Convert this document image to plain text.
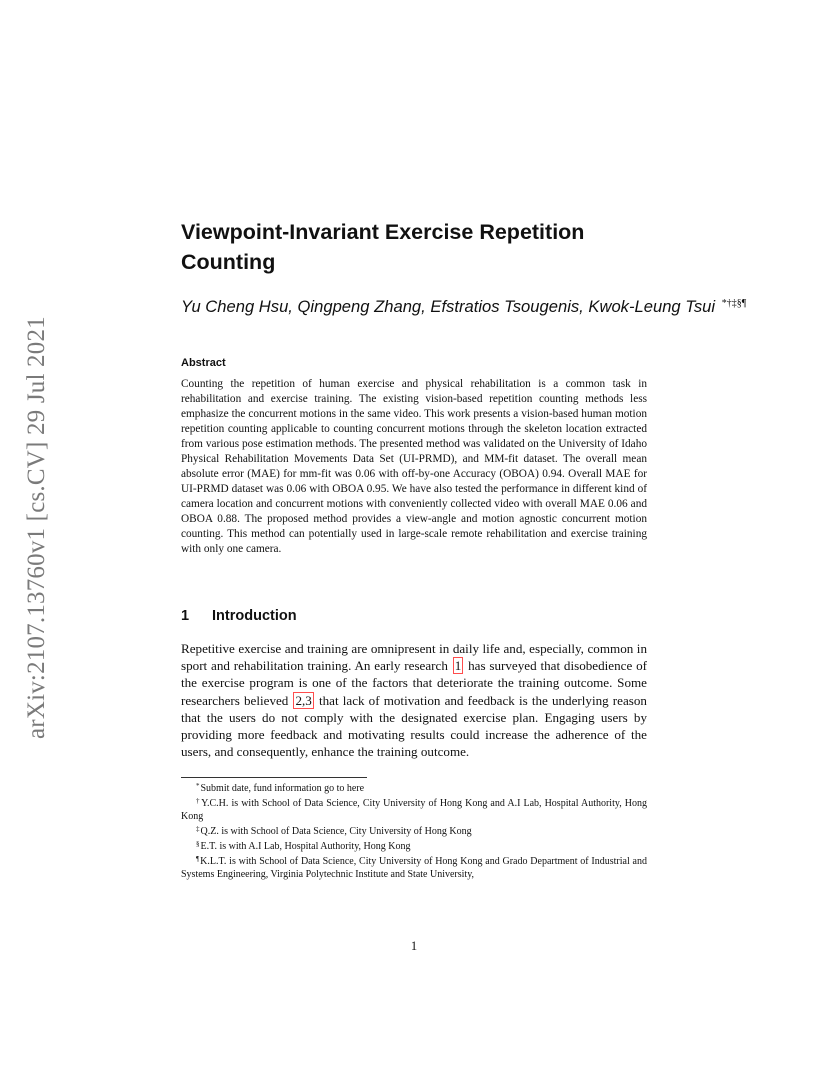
arXiv:2107.13760v1 [cs.CV] 29 Jul 2021
Viewpoint-Invariant Exercise Repetition Counting
Yu Cheng Hsu, Qingpeng Zhang, Efstratios Tsougenis, Kwok-Leung Tsui *†‡§¶
Abstract
Counting the repetition of human exercise and physical rehabilitation is a common task in rehabilitation and exercise training. The existing vision-based repetition counting methods less emphasize the concurrent motions in the same video. This work presents a vision-based human motion repetition counting applicable to counting concurrent motions through the skeleton location extracted from various pose estimation methods. The presented method was validated on the University of Idaho Physical Rehabilitation Movements Data Set (UI-PRMD), and MM-fit dataset. The overall mean absolute error (MAE) for mm-fit was 0.06 with off-by-one Accuracy (OBOA) 0.94. Overall MAE for UI-PRMD dataset was 0.06 with OBOA 0.95. We have also tested the performance in different kind of camera location and concurrent motions with conveniently collected video with overall MAE 0.06 and OBOA 0.88. The proposed method provides a view-angle and motion agnostic concurrent motion counting. This method can potentially used in large-scale remote rehabilitation and exercise training with only one camera.
1 Introduction
Repetitive exercise and training are omnipresent in daily life and, especially, common in sport and rehabilitation training. An early research 1 has surveyed that disobedience of the exercise program is one of the factors that deteriorate the training outcome. Some researchers believed 2,3 that lack of motivation and feedback is the underlying reason that the users do not comply with the designated exercise plan. Engaging users by providing more feedback and motivating results could increase the adherence of the users, and consequently, enhance the training outcome.

*Submit date, fund information go to here

†Y.C.H. is with School of Data Science, City University of Hong Kong and A.I Lab, Hospital Authority, Hong Kong

‡Q.Z. is with School of Data Science, City University of Hong Kong

§E.T. is with A.I Lab, Hospital Authority, Hong Kong

¶K.L.T. is with School of Data Science, City University of Hong Kong and Grado Department of Industrial and Systems Engineering, Virginia Polytechnic Institute and State University,

1
